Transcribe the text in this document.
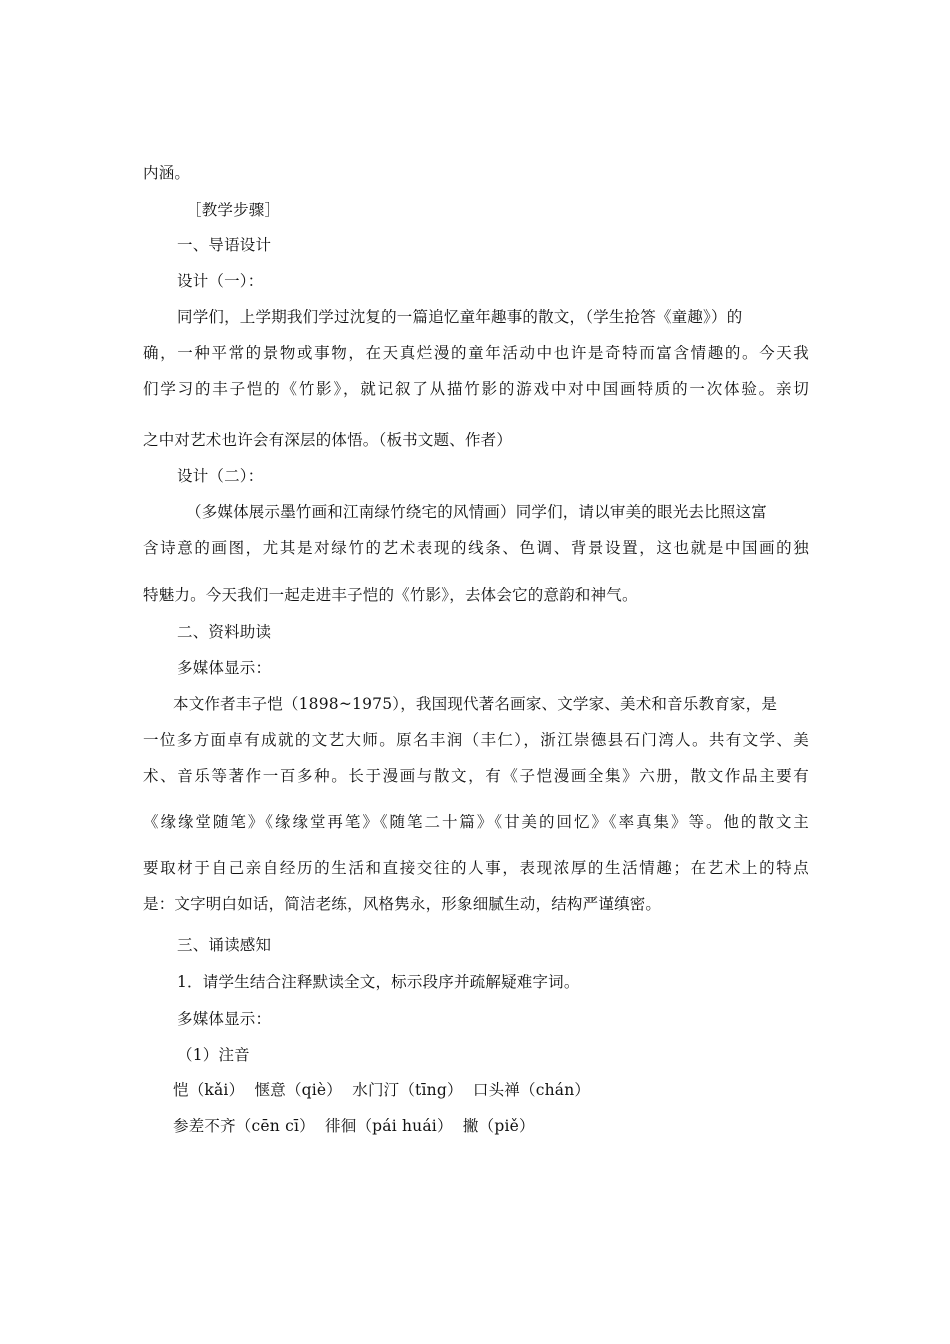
内涵。
［教学步骤］
一、导语设计
设计（一）：
同学们，上学期我们学过沈复的一篇追忆童年趣事的散文，（学生抢答《童趣》）的
确，一种平常的景物或事物，在天真烂漫的童年活动中也许是奇特而富含情趣的。今天我
们学习的丰子恺的《竹影》，就记叙了从描竹影的游戏中对中国画特质的一次体验。亲切
之中对艺术也许会有深层的体悟。（板书文题、作者）
设计（二）：
（多媒体展示墨竹画和江南绿竹绕宅的风情画）同学们，请以审美的眼光去比照这富
含诗意的画图，尤其是对绿竹的艺术表现的线条、色调、背景设置，这也就是中国画的独
特魅力。今天我们一起走进丰子恺的《竹影》，去体会它的意韵和神气。
二、资料助读
多媒体显示：
本文作者丰子恺（1898~1975），我国现代著名画家、文学家、美术和音乐教育家，是
一位多方面卓有成就的文艺大师。原名丰润（丰仁），浙江崇德县石门湾人。共有文学、美
术、音乐等著作一百多种。长于漫画与散文，有《子恺漫画全集》六册，散文作品主要有
《缘缘堂随笔》《缘缘堂再笔》《随笔二十篇》《甘美的回忆》《率真集》等。他的散文主
要取材于自己亲自经历的生活和直接交往的人事，表现浓厚的生活情趣；在艺术上的特点
是：文字明白如话，简洁老练，风格隽永，形象细腻生动，结构严谨缜密。
三、诵读感知
1．请学生结合注释默读全文，标示段序并疏解疑难字词。
多媒体显示：
（1）注音
恺（kǎi）  惬意（qiè）  水门汀（tīng）  口头禅（chán）
参差不齐（cēn cī）  徘徊（pái huái）  撇（piě）
